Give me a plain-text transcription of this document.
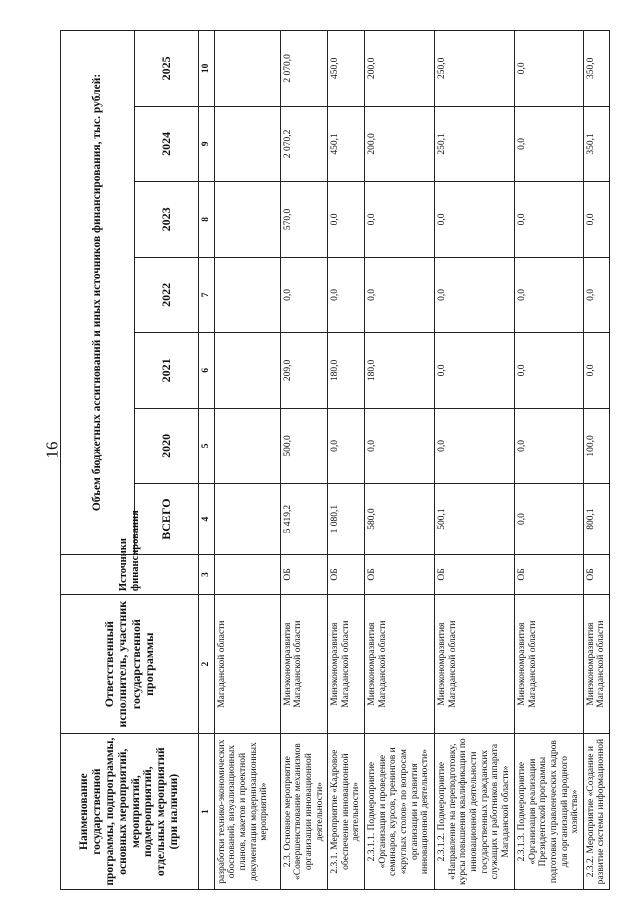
16
Наименование государственной программы, подпрограммы, основных мероприятий, мероприятий, подмероприятий, отдельных мероприятий (при наличии)	Ответственный исполнитель, участник государственной программы	Источники финансирования	Объем бюджетных ассигнований и иных источников финансирования, тыс. рублей:						
			ВСЕГО	2020	2021	2022	2023	2024	2025
1	2	3	4	5	6	7	8	9	10
разработки технико-экономических обоснований, визуализационных планов, макетов и проектной документации модернизационных мероприятий»	Магаданской области								
2.3. Основное мероприятие «Совершенствование механизмов организации инновационной деятельности»	Минэкономразвития Магаданской области	ОБ	5 419,2	500,0	209,0	0,0	570,0	2 070,2	2 070,0
2.3.1. Мероприятие «Кадровое обеспечение инновационной деятельности»	Минэкономразвития Магаданской области	ОБ	1 080,1	0,0	180,0	0,0	0,0	450,1	450,0
2.3.1.1. Подмероприятие «Организация и проведение семинаров, курсов, тренингов и «круглых столов» по вопросам организации и развития инновационной деятельности»	Минэкономразвития Магаданской области	ОБ	580,0	0,0	180,0	0,0	0,0	200,0	200,0
2.3.1.2. Подмероприятие «Направление на переподготовку, курсы повышения квалификации по инновационной деятельности государственных гражданских служащих и работников аппарата Магаданской области»	Минэкономразвития Магаданской области	ОБ	500,1	0,0	0,0	0,0	0,0	250,1	250,0
2.3.1.3. Подмероприятие «Организация реализации Президентской программы подготовки управленческих кадров для организаций народного хозяйства»	Минэкономразвития Магаданской области	ОБ	0,0	0,0	0,0	0,0	0,0	0,0	0,0
2.3.2. Мероприятие «Создание и развитие системы информационной	Минэкономразвития Магаданской области	ОБ	800,1	100,0	0,0	0,0	0,0	350,1	350,0
